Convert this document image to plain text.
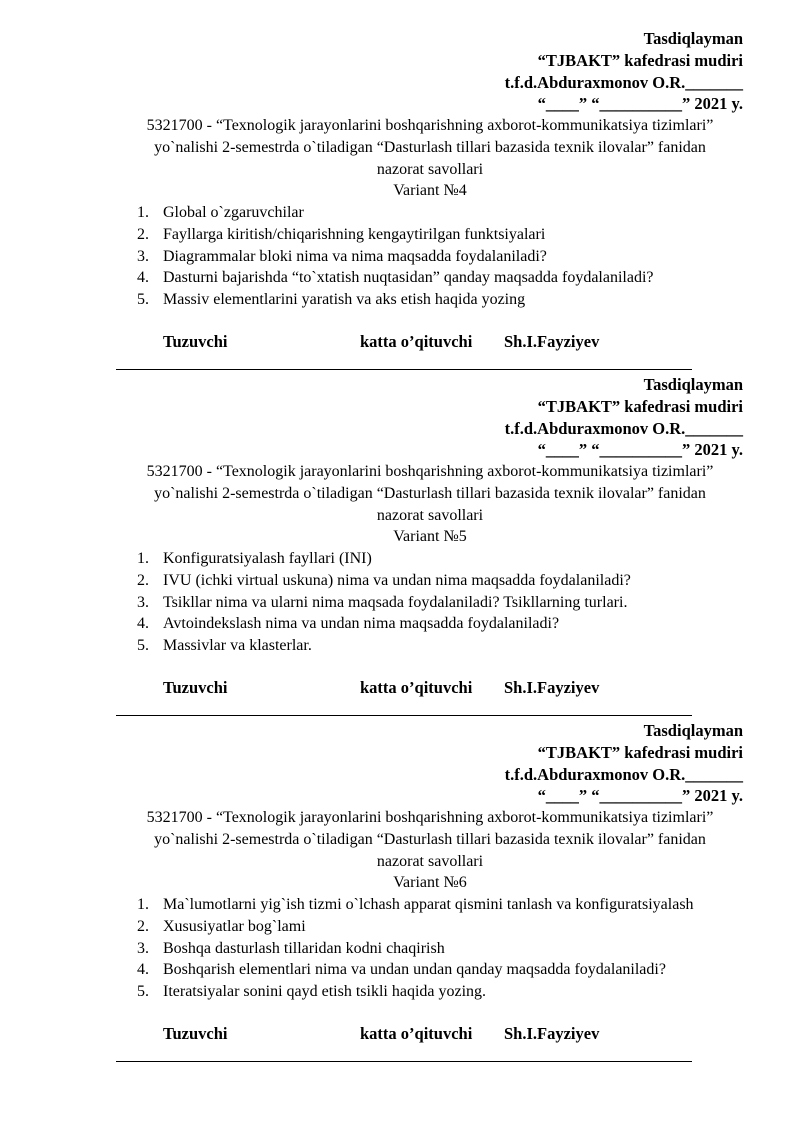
Tasdiqlayman
“TJBAKT” kafedrasi mudiri
t.f.d.Abduraxmonov O.R._______
“____” “__________” 2021 y.
5321700 - “Texnologik jarayonlarini boshqarishning axborot-kommunikatsiya tizimlari”
yo`nalishi 2-semestrda o`tiladigan “Dasturlash tillari bazasida texnik ilovalar” fanidan
nazorat savollari
Variant №4
1. Global o`zgaruvchilar
2. Fayllarga kiritish/chiqarishning kengaytirilgan funktsiyalari
3. Diagrammalar bloki nima va nima maqsadda foydalaniladi?
4. Dasturni bajarishda “to`xtatish nuqtasidan” qanday maqsadda foydalaniladi?
5. Massiv elementlarini yaratish va aks etish haqida yozing
Tuzuvchi	katta o’qituvchi Sh.I.Fayziyev
Tasdiqlayman
“TJBAKT” kafedrasi mudiri
t.f.d.Abduraxmonov O.R._______
“____” “__________” 2021 y.
5321700 - “Texnologik jarayonlarini boshqarishning axborot-kommunikatsiya tizimlari”
yo`nalishi 2-semestrda o`tiladigan “Dasturlash tillari bazasida texnik ilovalar” fanidan
nazorat savollari
Variant №5
1. Konfiguratsiyalash fayllari (INI)
2. IVU (ichki virtual uskuna) nima va undan nima maqsadda foydalaniladi?
3. Tsikllar nima va ularni nima maqsada foydalaniladi? Tsikllarning turlari.
4. Avtoindekslash nima va undan nima maqsadda foydalaniladi?
5. Massivlar va klasterlar.
Tuzuvchi	katta o’qituvchi Sh.I.Fayziyev
Tasdiqlayman
“TJBAKT” kafedrasi mudiri
t.f.d.Abduraxmonov O.R._______
“____” “__________” 2021 y.
5321700 - “Texnologik jarayonlarini boshqarishning axborot-kommunikatsiya tizimlari”
yo`nalishi 2-semestrda o`tiladigan “Dasturlash tillari bazasida texnik ilovalar” fanidan
nazorat savollari
Variant №6
1. Ma`lumotlarni yig`ish tizmi o`lchash apparat qismini tanlash va konfiguratsiyalash
2. Xususiyatlar bog`lami
3. Boshqa dasturlash tillaridan kodni chaqirish
4. Boshqarish elementlari nima va undan undan qanday maqsadda foydalaniladi?
5. Iteratsiyalar sonini qayd etish tsikli haqida yozing.
Tuzuvchi	katta o’qituvchi Sh.I.Fayziyev
